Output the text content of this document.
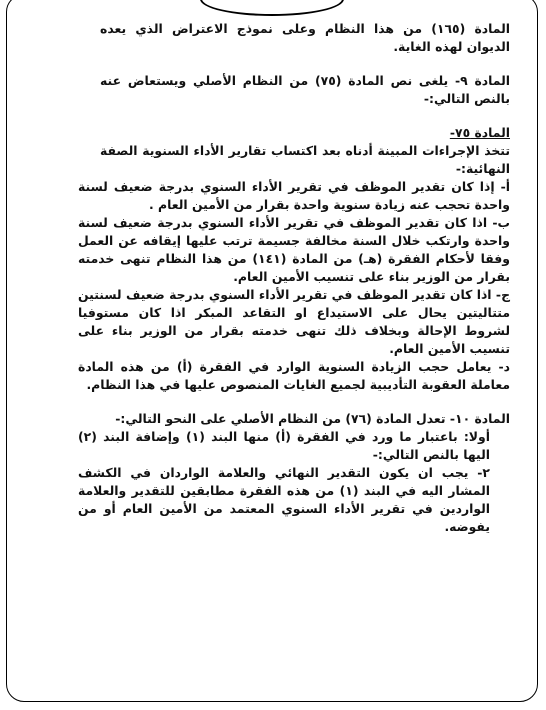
المادة (١٦٥) من هذا النظام وعلى نموذج الاعتراض الذي يعده الديوان لهذه الغاية.

المادة ٩- يلغى نص المادة (٧٥) من النظام الأصلي ويستعاض عنه بالنص التالي:-

المادة ٧٥-

تتخذ الإجراءات المبينة أدناه بعد اكتساب تقارير الأداء السنوية الصفة النهائية:-

أ- إذا كان تقدير الموظف في تقرير الأداء السنوي بدرجة ضعيف لسنة واحدة تحجب عنه زيادة سنوية واحدة بقرار من الأمين العام .

ب- اذا كان تقدير الموظف في تقرير الأداء السنوي بدرجة ضعيف لسنة واحدة وارتكب خلال السنة مخالفة جسيمة ترتب عليها إيقافه عن العمل وفقا لأحكام الفقرة (هـ) من المادة (١٤١) من هذا النظام تنهى خدمته بقرار من الوزير بناء على تنسيب الأمين العام.

ج- اذا كان تقدير الموظف في تقرير الأداء السنوي بدرجة ضعيف لسنتين متتاليتين يحال على الاستيداع او التقاعد المبكر اذا كان مستوفيا لشروط الإحالة وبخلاف ذلك تنهى خدمته بقرار من الوزير بناء على تنسيب الأمين العام.

د- يعامل حجب الزيادة السنوية الوارد في الفقرة (أ) من هذه المادة معاملة العقوبة التأديبية لجميع الغايات المنصوص عليها في هذا النظام.

المادة ١٠- تعدل المادة (٧٦) من النظام الأصلي على النحو التالي:-

أولا: باعتبار ما ورد في الفقرة (أ) منها البند (١) وإضافة البند (٢) اليها بالنص التالي:-

٢- يجب ان يكون التقدير النهائي والعلامة الواردان في الكشف المشار اليه في البند (١) من هذه الفقرة مطابقين للتقدير والعلامة الواردين في تقرير الأداء السنوي المعتمد من الأمين العام أو من يفوضه.
